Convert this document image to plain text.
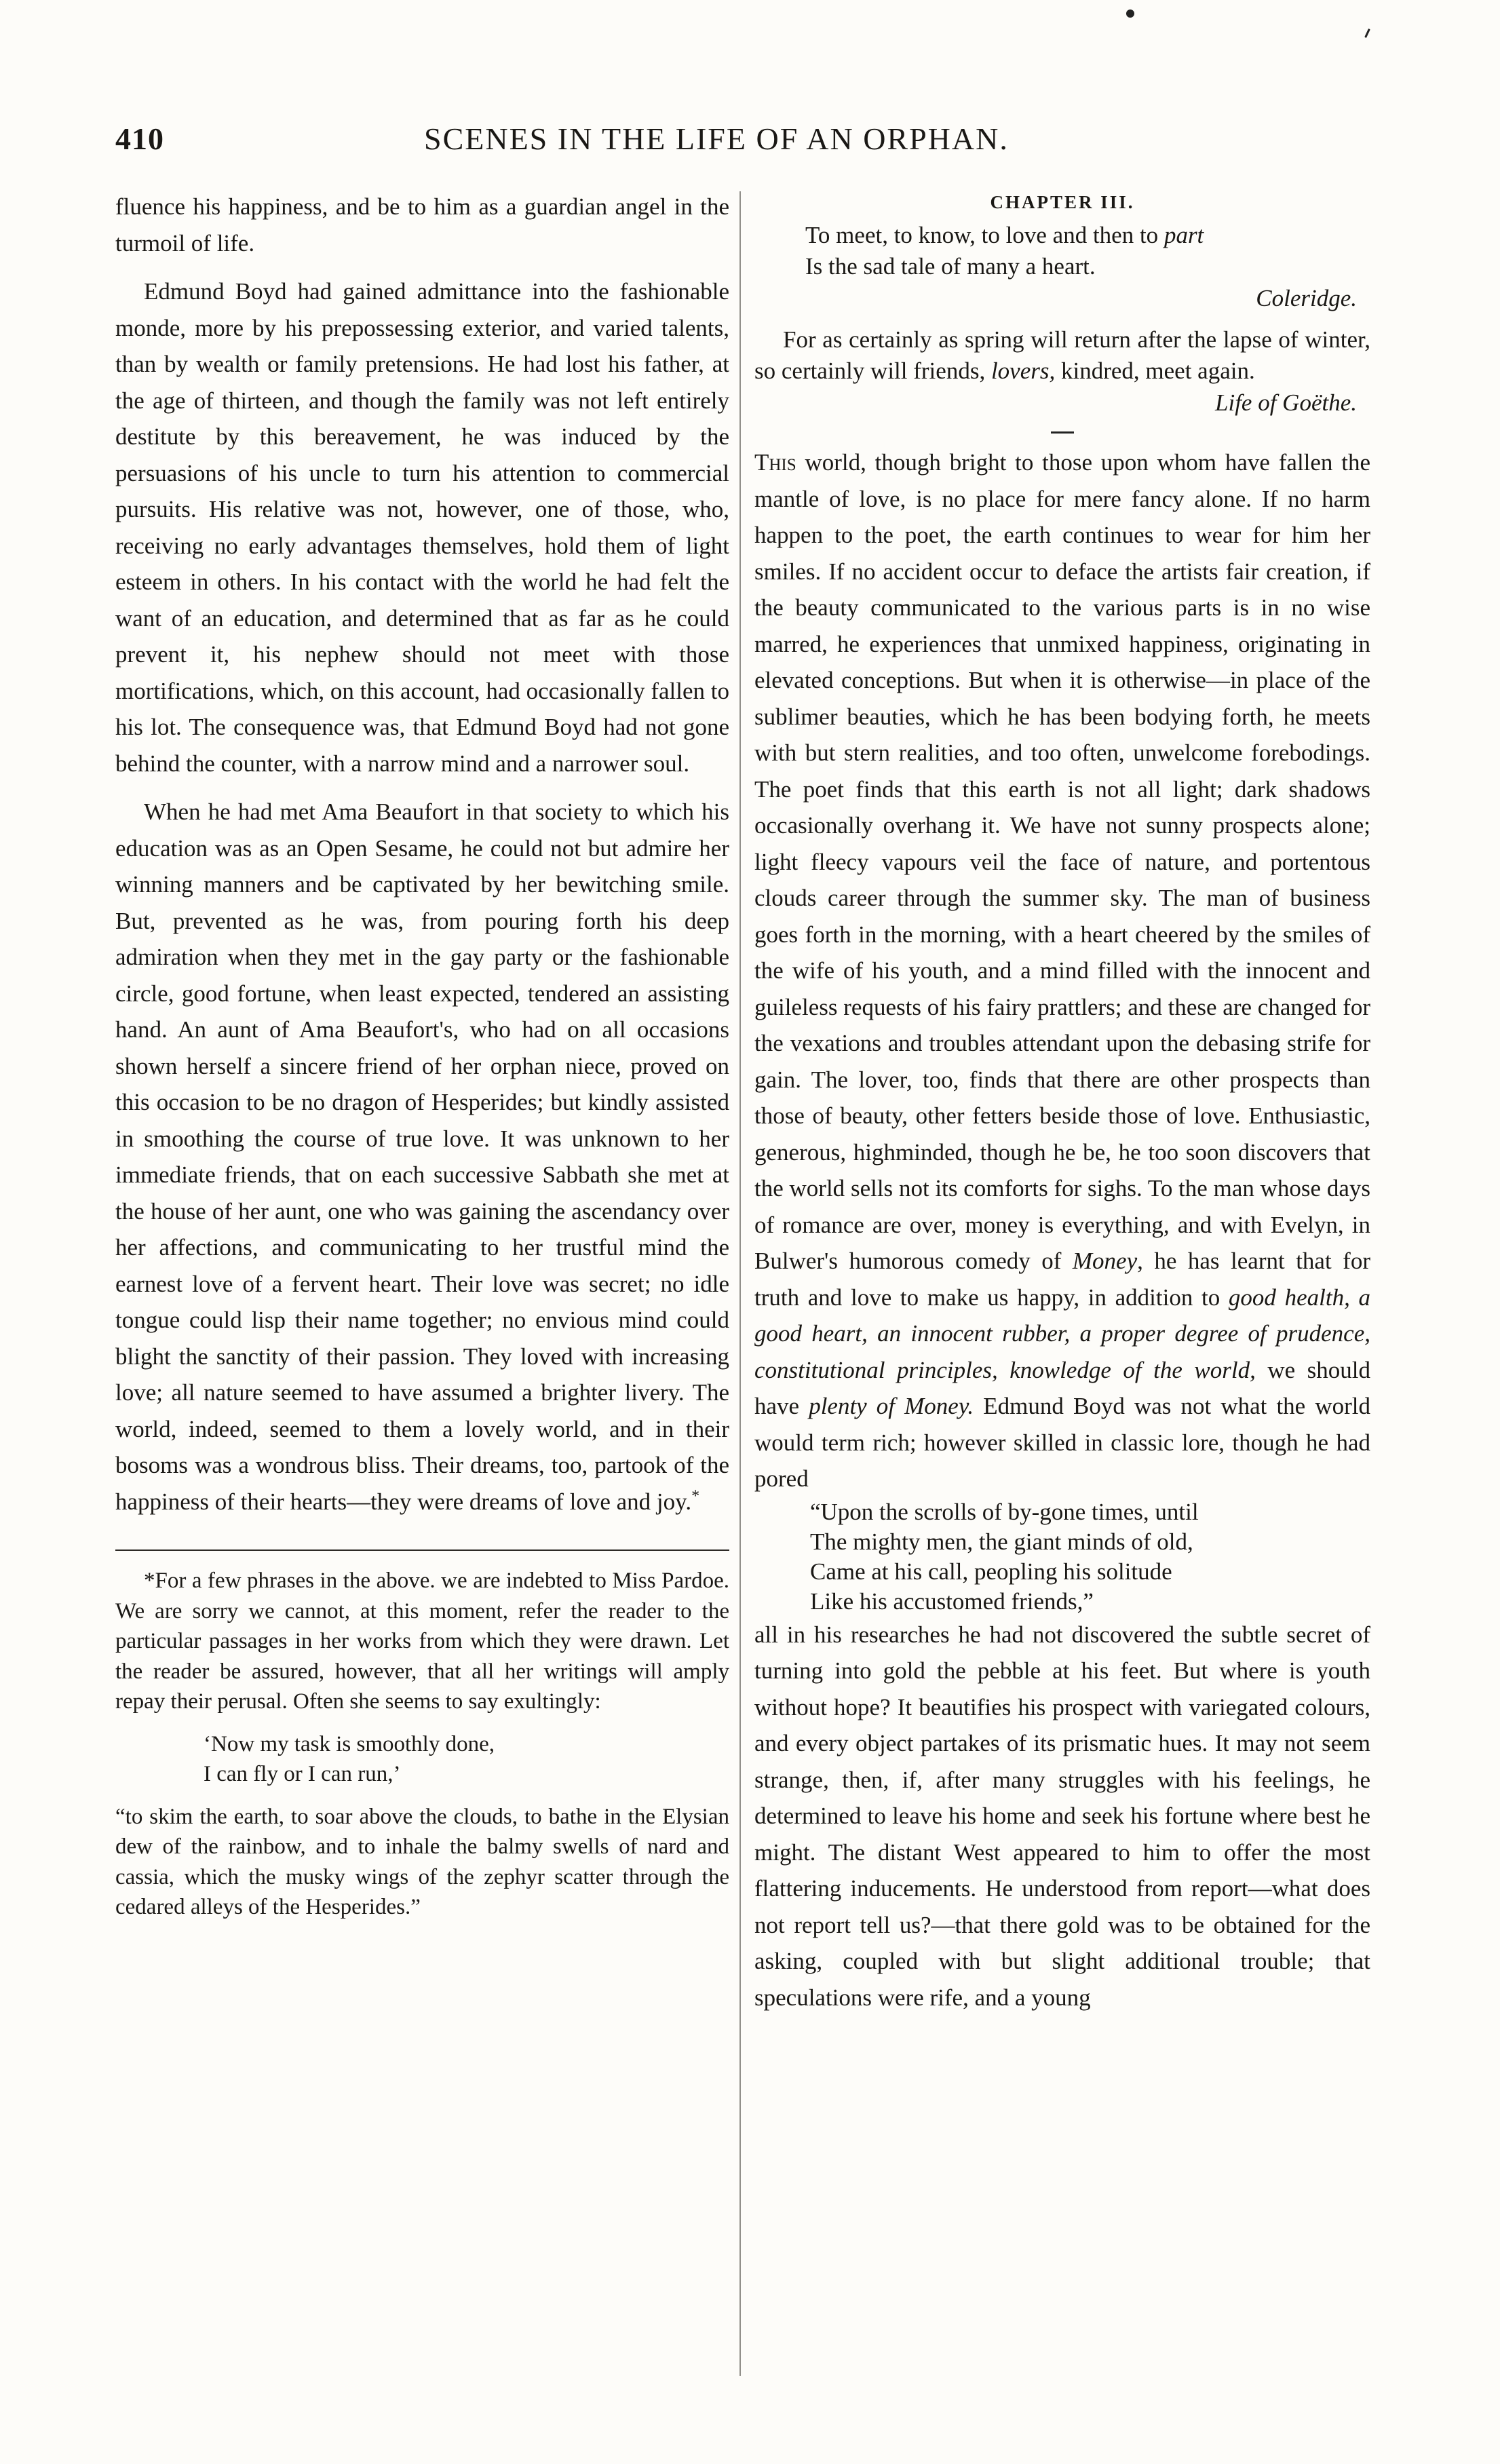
410	SCENES IN THE LIFE OF AN ORPHAN.

fluence his happiness, and be to him as a guardian angel in the turmoil of life.

Edmund Boyd had gained admittance into the fashionable monde, more by his prepossessing exterior, and varied talents, than by wealth or family pretensions. He had lost his father, at the age of thirteen, and though the family was not left entirely destitute by this bereavement, he was induced by the persuasions of his uncle to turn his attention to commercial pursuits. His relative was not, however, one of those, who, receiving no early advantages themselves, hold them of light esteem in others. In his contact with the world he had felt the want of an education, and determined that as far as he could prevent it, his nephew should not meet with those mortifications, which, on this account, had occasionally fallen to his lot. The consequence was, that Edmund Boyd had not gone behind the counter, with a narrow mind and a narrower soul.

When he had met Ama Beaufort in that society to which his education was as an Open Sesame, he could not but admire her winning manners and be captivated by her bewitching smile. But, prevented as he was, from pouring forth his deep admiration when they met in the gay party or the fashionable circle, good fortune, when least expected, tendered an assisting hand. An aunt of Ama Beaufort's, who had on all occasions shown herself a sincere friend of her orphan niece, proved on this occasion to be no dragon of Hesperides; but kindly assisted in smoothing the course of true love. It was unknown to her immediate friends, that on each successive Sabbath she met at the house of her aunt, one who was gaining the ascendancy over her affections, and communicating to her trustful mind the earnest love of a fervent heart. Their love was secret; no idle tongue could lisp their name together; no envious mind could blight the sanctity of their passion. They loved with increasing love; all nature seemed to have assumed a brighter livery. The world, indeed, seemed to them a lovely world, and in their bosoms was a wondrous bliss. Their dreams, too, partook of the happiness of their hearts—they were dreams of love and joy.*

*For a few phrases in the above. we are indebted to Miss Pardoe. We are sorry we cannot, at this moment, refer the reader to the particular passages in her works from which they were drawn. Let the reader be assured, however, that all her writings will amply repay their perusal. Often she seems to say exultingly:

‘Now my task is smoothly done,

I can fly or I can run,’

“to skim the earth, to soar above the clouds, to bathe in the Elysian dew of the rainbow, and to inhale the balmy swells of nard and cassia, which the musky wings of the zephyr scatter through the cedared alleys of the Hesperides.”

CHAPTER III.

To meet, to know, to love and then to part

Is the sad tale of many a heart.

Coleridge.

For as certainly as spring will return after the lapse of winter, so certainly will friends, lovers, kindred, meet again.

Life of Goëthe.

This world, though bright to those upon whom have fallen the mantle of love, is no place for mere fancy alone. If no harm happen to the poet, the earth continues to wear for him her smiles. If no accident occur to deface the artists fair creation, if the beauty communicated to the various parts is in no wise marred, he experiences that unmixed happiness, originating in elevated conceptions. But when it is otherwise—in place of the sublimer beauties, which he has been bodying forth, he meets with but stern realities, and too often, unwelcome forebodings. The poet finds that this earth is not all light; dark shadows occasionally overhang it. We have not sunny prospects alone; light fleecy vapours veil the face of nature, and portentous clouds career through the summer sky. The man of business goes forth in the morning, with a heart cheered by the smiles of the wife of his youth, and a mind filled with the innocent and guileless requests of his fairy prattlers; and these are changed for the vexations and troubles attendant upon the debasing strife for gain. The lover, too, finds that there are other prospects than those of beauty, other fetters beside those of love. Enthusiastic, generous, highminded, though he be, he too soon discovers that the world sells not its comforts for sighs. To the man whose days of romance are over, money is everything, and with Evelyn, in Bulwer's humorous comedy of Money, he has learnt that for truth and love to make us happy, in addition to good health, a good heart, an innocent rubber, a proper degree of prudence, constitutional principles, knowledge of the world, we should have plenty of Money. Edmund Boyd was not what the world would term rich; however skilled in classic lore, though he had pored

“Upon the scrolls of by-gone times, until

The mighty men, the giant minds of old,

Came at his call, peopling his solitude

Like his accustomed friends,”

all in his researches he had not discovered the subtle secret of turning into gold the pebble at his feet. But where is youth without hope? It beautifies his prospect with variegated colours, and every object partakes of its prismatic hues. It may not seem strange, then, if, after many struggles with his feelings, he determined to leave his home and seek his fortune where best he might. The distant West appeared to him to offer the most flattering inducements. He understood from report—what does not report tell us?—that there gold was to be obtained for the asking, coupled with but slight additional trouble; that speculations were rife, and a young
